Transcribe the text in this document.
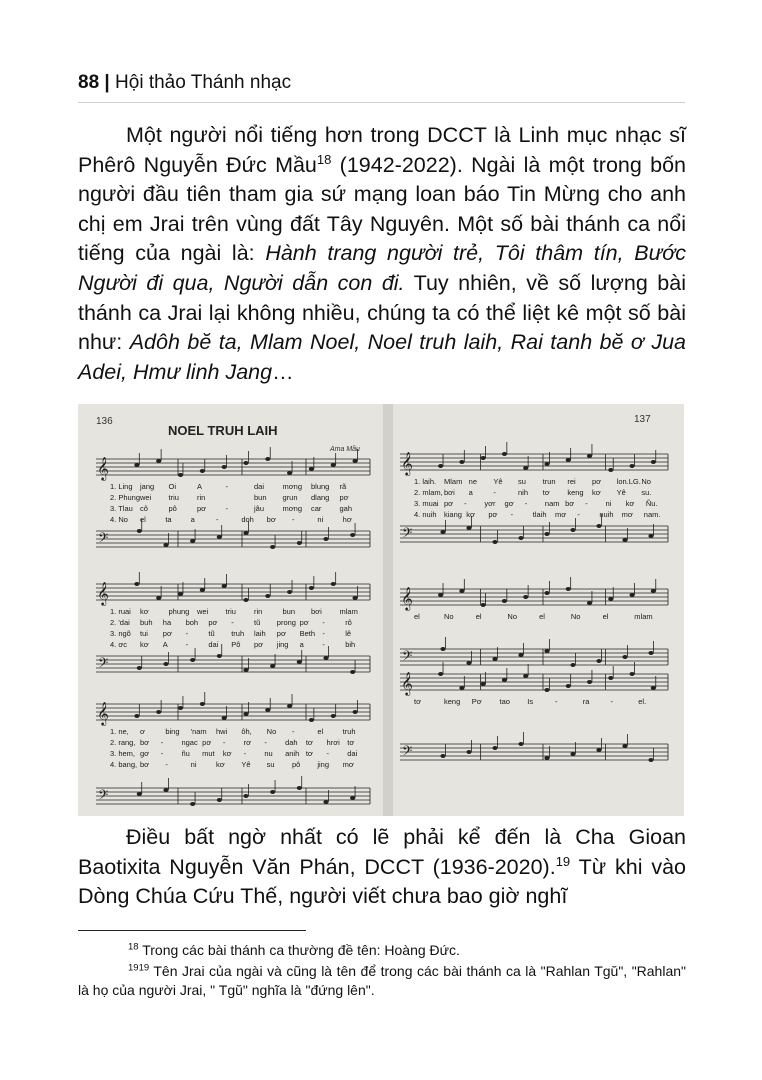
88 | Hội thảo Thánh nhạc

Một người nổi tiếng hơn trong DCCT là Linh mục nhạc sĩ Phêrô Nguyễn Đức Mầu$^{18}$ (1942-2022). Ngài là một trong bốn người đầu tiên tham gia sứ mạng loan báo Tin Mừng cho anh chị em Jrai trên vùng đất Tây Nguyên. Một số bài thánh ca nổi tiếng của ngài là: Hành trang người trẻ, Tôi thâm tín, Bước Người đi qua, Người dẫn con đi. Tuy nhiên, về số lượng bài thánh ca Jrai lại không nhiều, chúng ta có thể liệt kê một số bài như: Adôh bĕ ta, Mlam Noel, Noel truh laih, Rai tanh bĕ ơ Jua Adei, Hmư linh Jang…

136	137
NOEL TRUH LAIH
Ama Mầu
𝄞
1. Ling jang Oi	A	-	dai mơng blung rã
2. Phung wei triu rin	bun grun dlang pơ
3. Tlau cô	pô	pơ	-	jâu mơng car gah
4. No el	ta	a	-	doh bơ -	ni	hơ
𝄢
𝄞
1. ruai kơ	phung wei triu rin	bun bơi mlam
2. 'dai buh ha boh pơ -	tũ prong pơ -	rô
3. ngõ tui pơ -	tũ truh laih pơ Beth -	lê
4. ơc kơ A -	dai Pô pơ jing a -	bih
𝄢
𝄞
1. ne, ơ	bing 'nam hwi ôh, No -	el	truh
2. rang, bơ - ngac pơ - rơ - dah tơ hrơi tơ
3. hem, gơ - ñu mut kơ - nu anih tơ - dai
4. bang, bơ -	ni	kơ Yê su pô jing mơ
𝄢
𝄞
1. laih. Mlam ne Yê su trun rei pơ lon.LG. No
2. mlam, bơi a	-	nih tơ keng kơ Yê su.
3. muai pơ - yơr gơ - nam bơ - ni kơ Ñu.
4. nuih kiang kơ pơ -	tlaih mơ -	nuih mơ nam.
𝄢
𝄞
el	No	el	No	el	No	el	mlam
𝄢
𝄞
tơ	keng Pơ tao Is	-	ra	-	el.
𝄢

Điều bất ngờ nhất có lẽ phải kể đến là Cha Gioan Baotixita Nguyễn Văn Phán, DCCT (1936-2020).$^{19}$ Từ khi vào Dòng Chúa Cứu Thế, người viết chưa bao giờ nghĩ

$^{18}$ Trong các bài thánh ca thường đề tên: Hoàng Đức.

$^{1919}$ Tên Jrai của ngài và cũng là tên để trong các bài thánh ca là "Rahlan Tgŭ", "Rahlan" là họ của người Jrai, " Tgŭ" nghĩa là "đứng lên".
